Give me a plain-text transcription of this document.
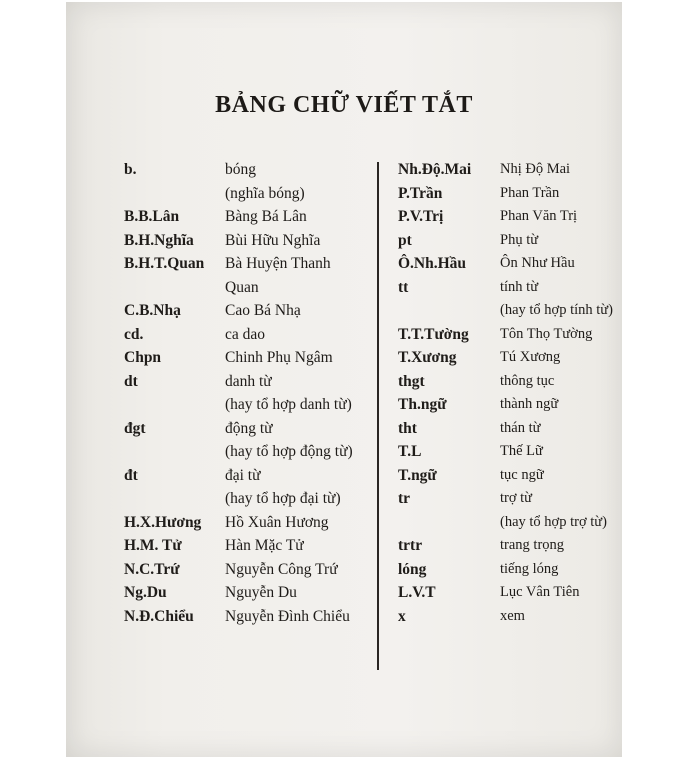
BẢNG CHỮ VIẾT TẮT
b.	bóng
(nghĩa bóng)
B.B.Lân	Bàng Bá Lân
B.H.Nghĩa	Bùi Hữu Nghĩa
B.H.T.Quan	Bà Huyện Thanh
Quan
C.B.Nhạ	Cao Bá Nhạ
cd.	ca dao
Chpn	Chinh Phụ Ngâm
dt	danh từ
(hay tổ hợp danh từ)
đgt	động từ
(hay tổ hợp động từ)
đt	đại từ
(hay tổ hợp đại từ)
H.X.Hương	Hồ Xuân Hương
H.M. Tử	Hàn Mặc Tử
N.C.Trứ	Nguyễn Công Trứ
Ng.Du	Nguyễn Du
N.Đ.Chiểu	Nguyễn Đình Chiểu
Nh.Độ.Mai	Nhị Độ Mai
P.Trần	Phan Trần
P.V.Trị	Phan Văn Trị
pt	Phụ từ
Ô.Nh.Hầu	Ôn Như Hầu
tt	tính từ
(hay tổ hợp tính từ)
T.T.Tường	Tôn Thọ Tường
T.Xương	Tú Xương
thgt	thông tục
Th.ngữ	thành ngữ
tht	thán từ
T.L	Thế Lữ
T.ngữ	tục ngữ
tr	trợ từ
(hay tổ hợp trợ từ)
trtr	trang trọng
lóng	tiếng lóng
L.V.T	Lục Vân Tiên
x	xem
